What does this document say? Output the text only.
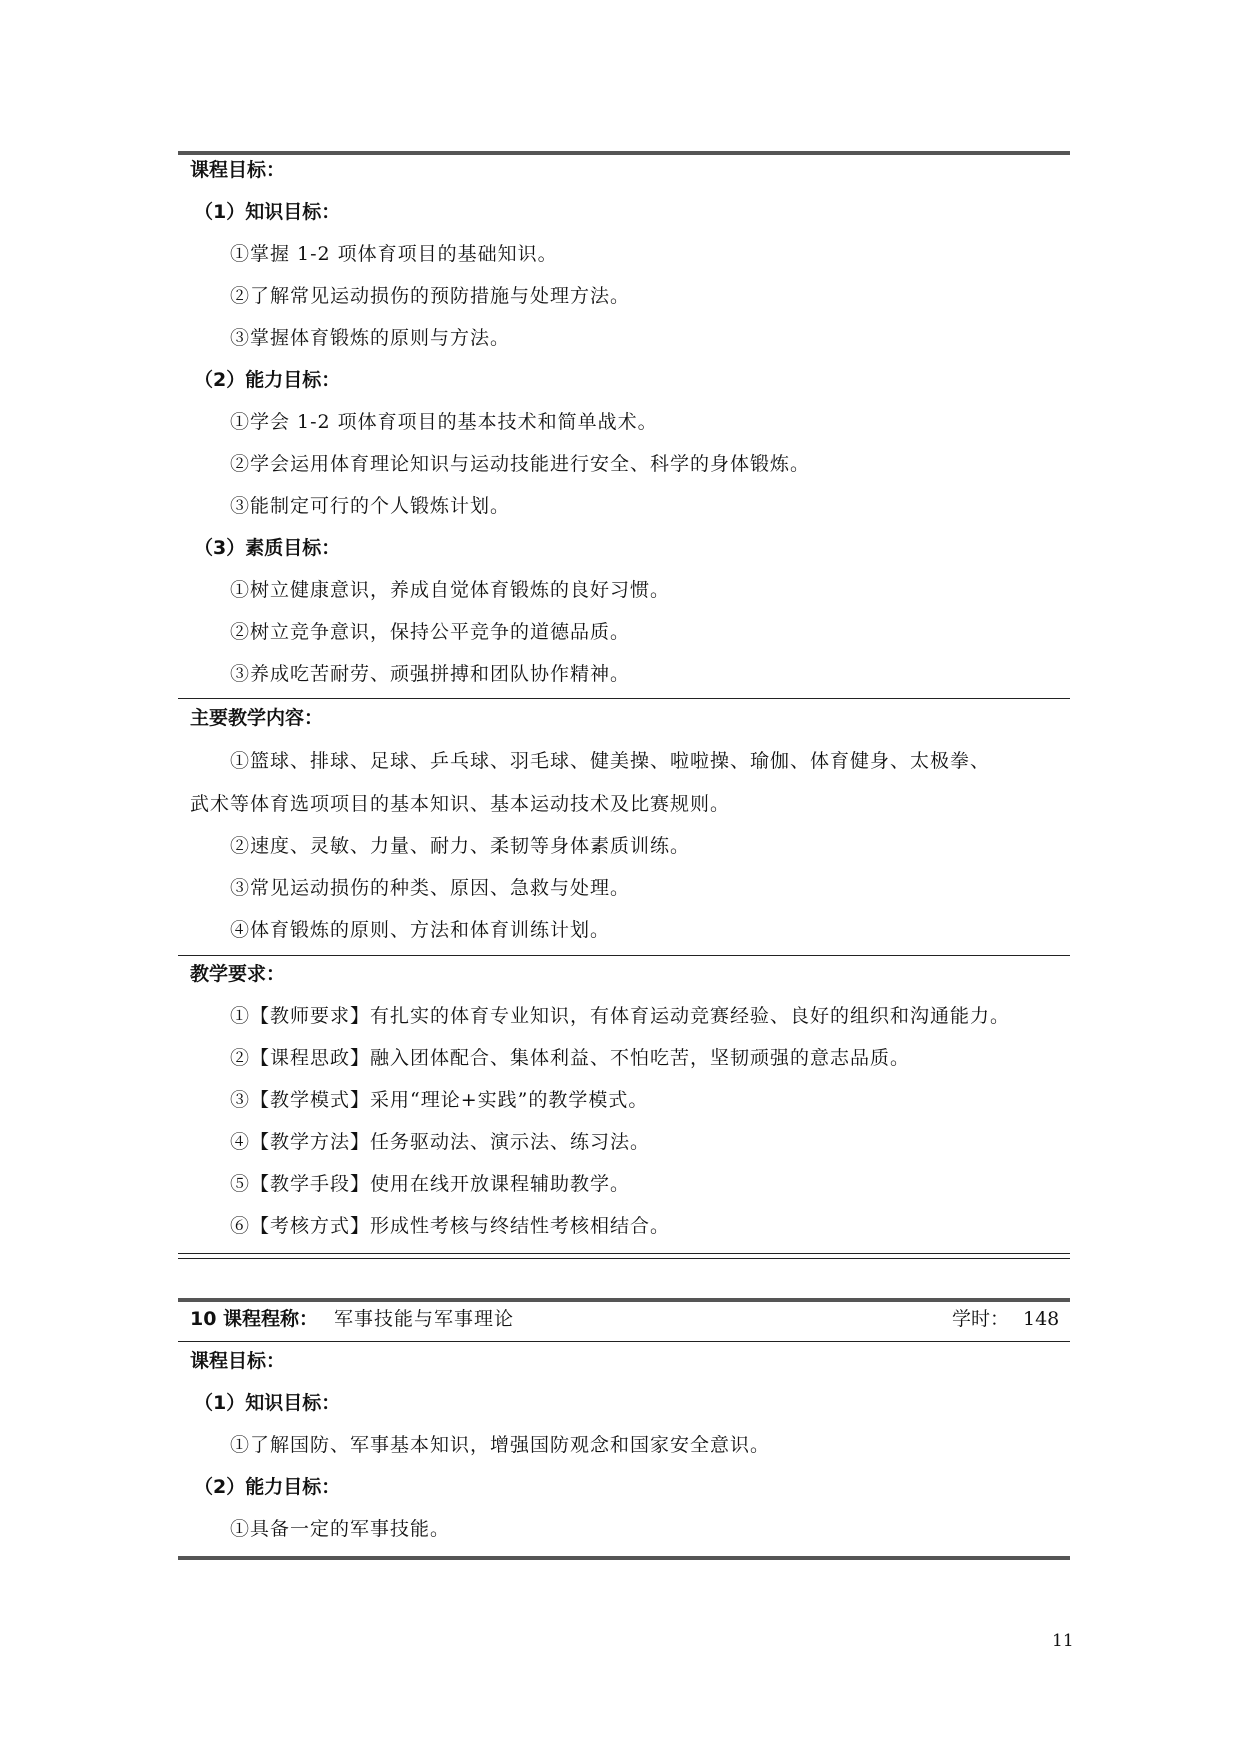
课程目标：
（1）知识目标：
①掌握 1-2 项体育项目的基础知识。
②了解常见运动损伤的预防措施与处理方法。
③掌握体育锻炼的原则与方法。
（2）能力目标：
①学会 1-2 项体育项目的基本技术和简单战术。
②学会运用体育理论知识与运动技能进行安全、科学的身体锻炼。
③能制定可行的个人锻炼计划。
（3）素质目标：
①树立健康意识，养成自觉体育锻炼的良好习惯。
②树立竞争意识，保持公平竞争的道德品质。
③养成吃苦耐劳、顽强拼搏和团队协作精神。
主要教学内容：
①篮球、排球、足球、乒乓球、羽毛球、健美操、啦啦操、瑜伽、体育健身、太极拳、
武术等体育选项项目的基本知识、基本运动技术及比赛规则。
②速度、灵敏、力量、耐力、柔韧等身体素质训练。
③常见运动损伤的种类、原因、急救与处理。
④体育锻炼的原则、方法和体育训练计划。
教学要求：
①【教师要求】有扎实的体育专业知识，有体育运动竞赛经验、良好的组织和沟通能力。
②【课程思政】融入团体配合、集体利益、不怕吃苦，坚韧顽强的意志品质。
③【教学模式】采用“理论+实践”的教学模式。
④【教学方法】任务驱动法、演示法、练习法。
⑤【教学手段】使用在线开放课程辅助教学。
⑥【考核方式】形成性考核与终结性考核相结合。
10 课程程称： 军事技能与军事理论	学时： 148
课程目标：
（1）知识目标：
①了解国防、军事基本知识，增强国防观念和国家安全意识。
（2）能力目标：
①具备一定的军事技能。
11
